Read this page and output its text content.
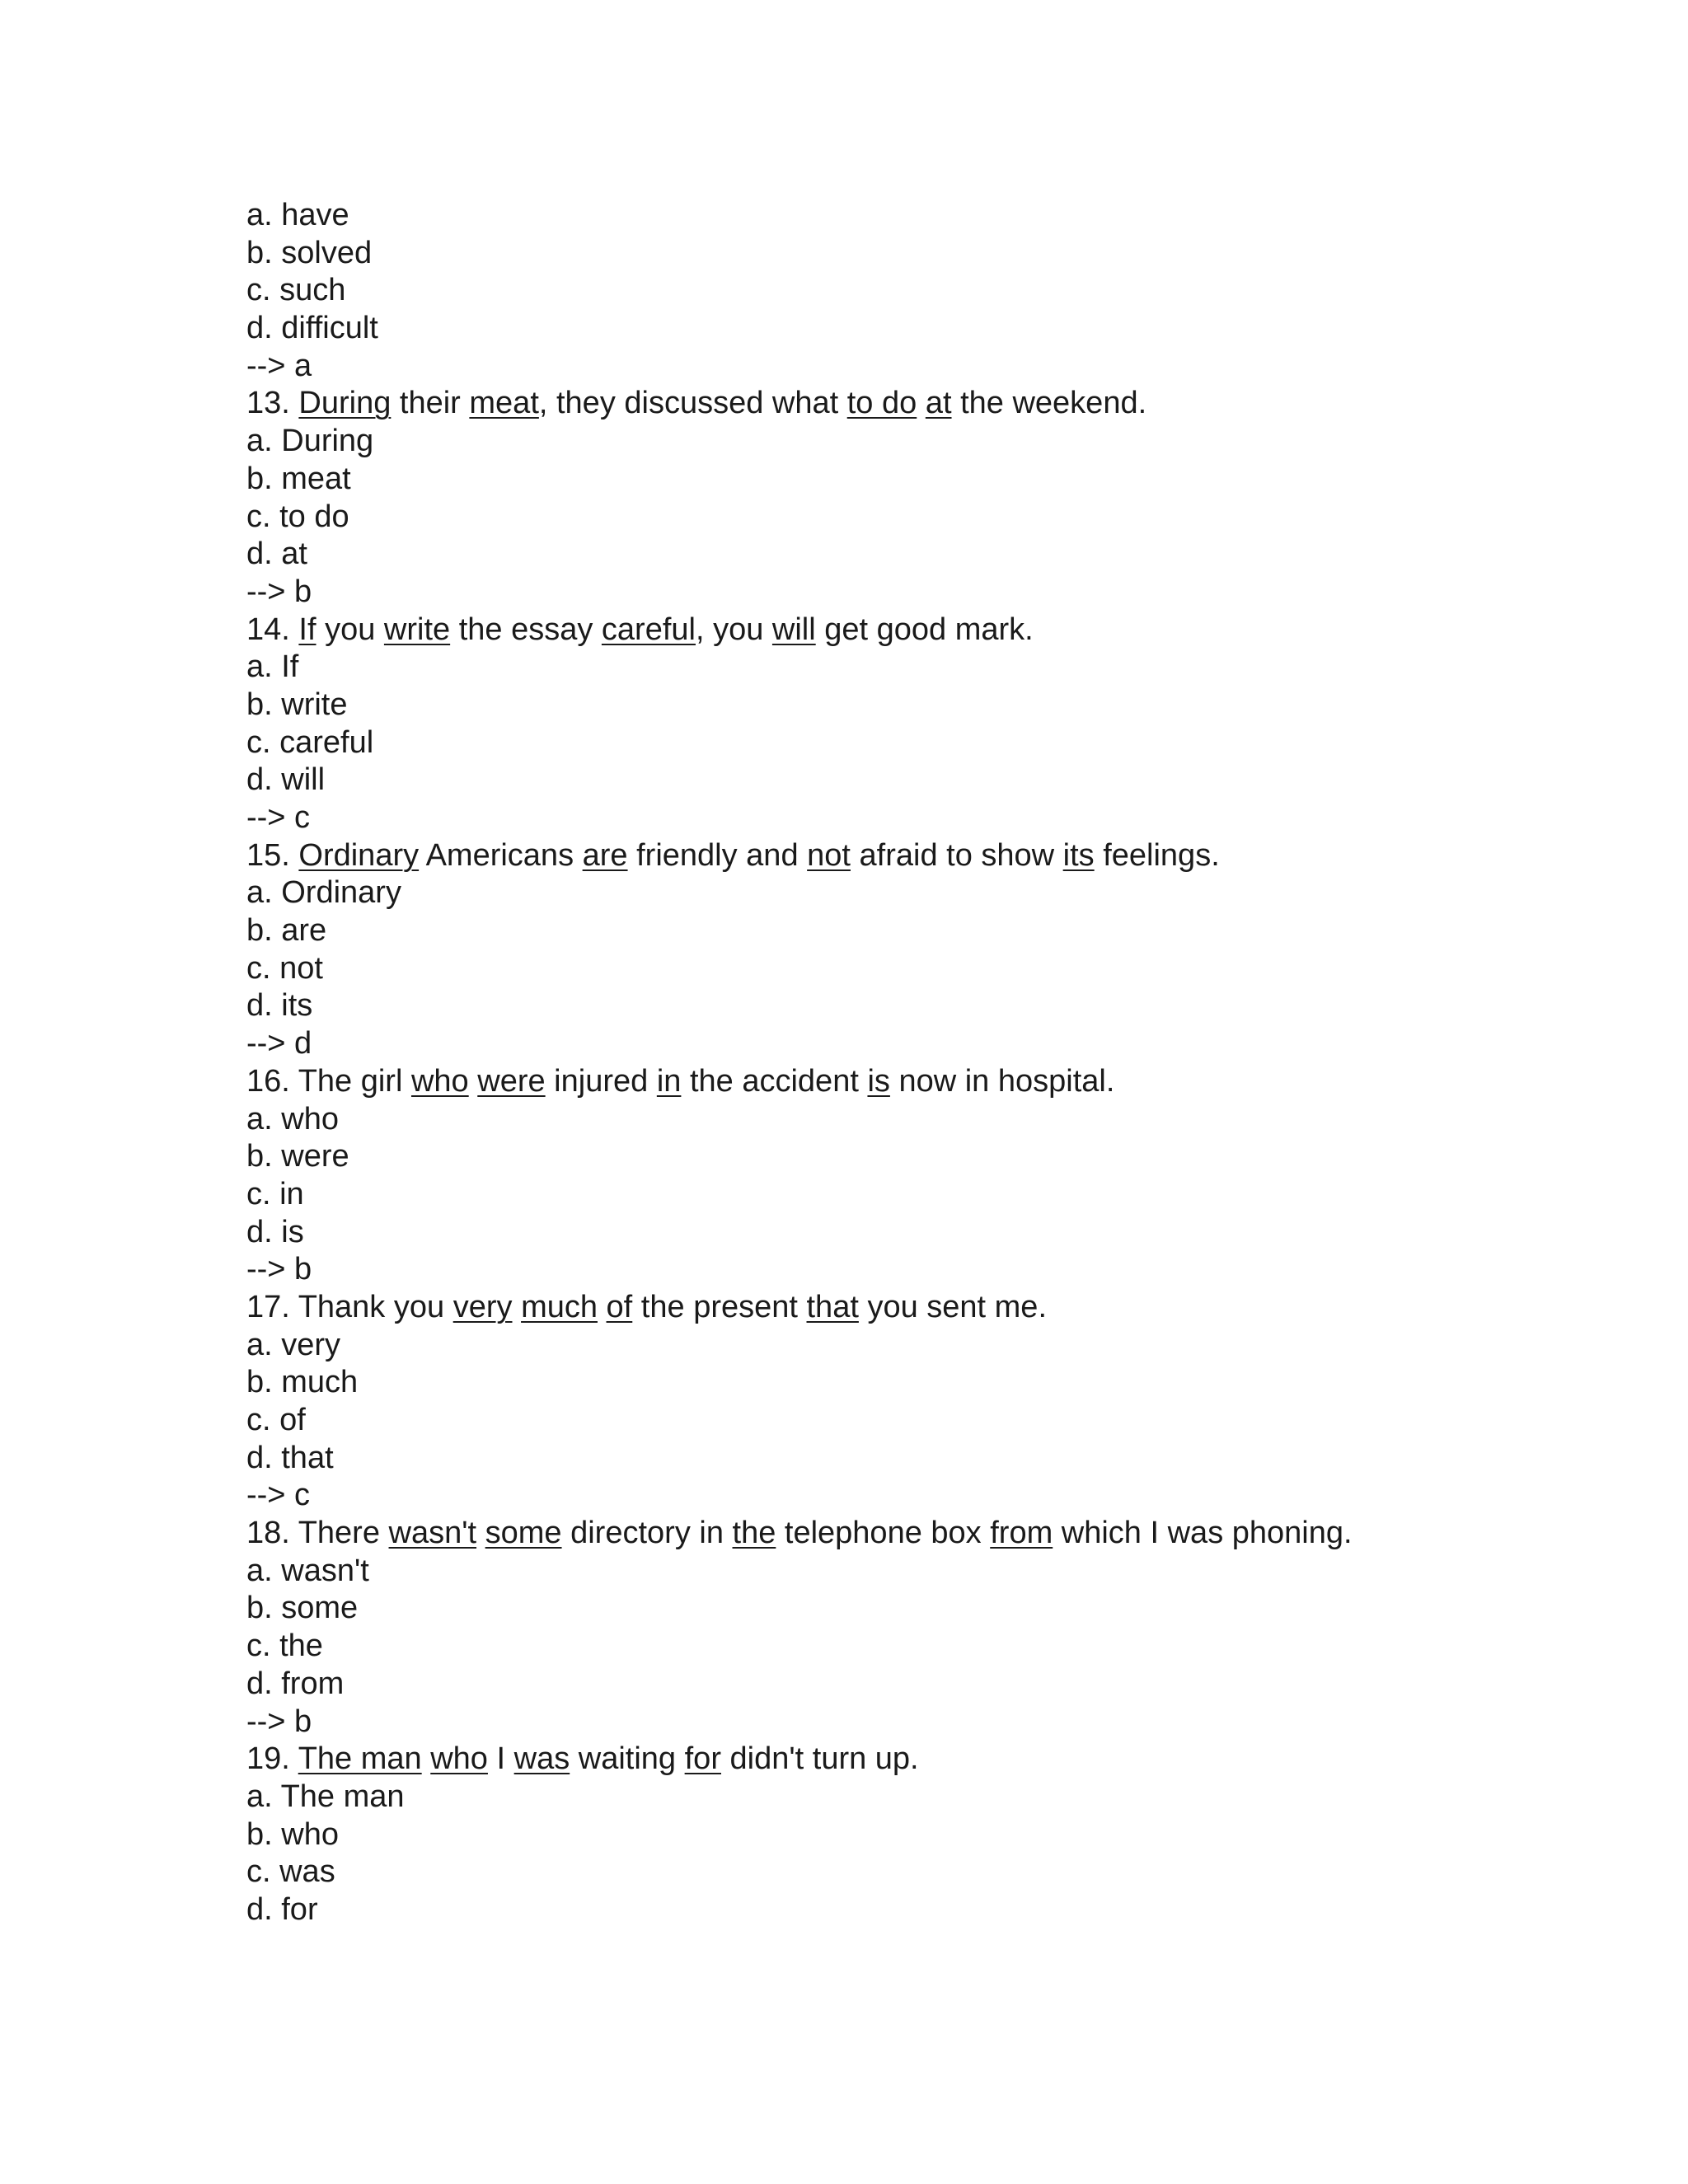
a. have
b. solved
c. such
d. difficult
--> a
13. During their meat, they discussed what to do at the weekend.
a. During
b. meat
c. to do
d. at
--> b
14. If you write the essay careful, you will get good mark.
a. If
b. write
c. careful
d. will
--> c
15. Ordinary Americans are friendly and not afraid to show its feelings.
a. Ordinary
b. are
c. not
d. its
--> d
16. The girl who were injured in the accident is now in hospital.
a. who
b. were
c. in
d. is
--> b
17. Thank you very much of the present that you sent me.
a. very
b. much
c. of
d. that
--> c
18. There wasn't some directory in the telephone box from which I was phoning.
a. wasn't
b. some
c. the
d. from
--> b
19. The man who I was waiting for didn't turn up.
a. The man
b. who
c. was
d. for
